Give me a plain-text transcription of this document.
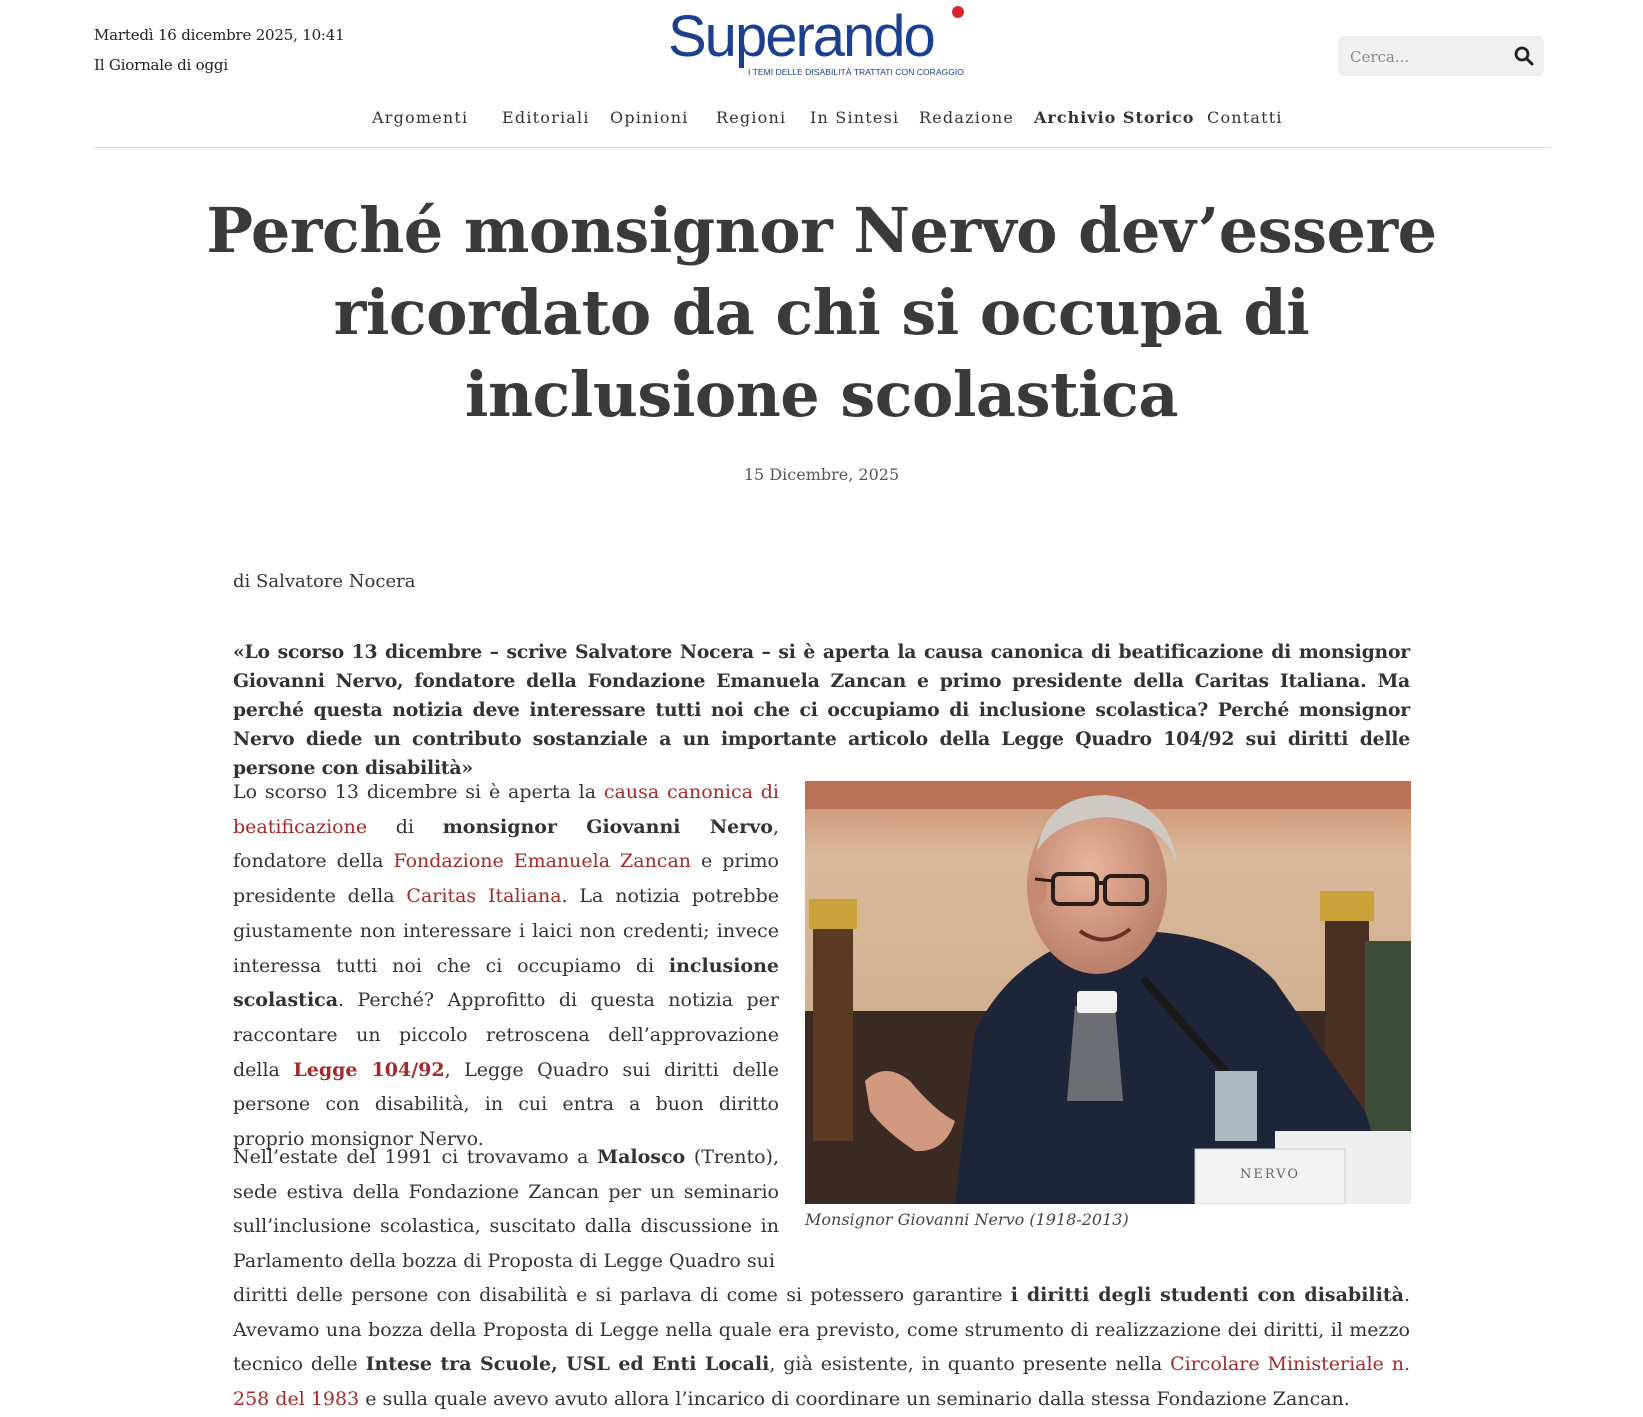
Martedì 16 dicembre 2025, 10:41
Il Giornale di oggi	Superando
I TEMI DELLE DISABILITÀ TRATTATI CON CORAGGIO
Cerca...
Argomenti Editoriali Opinioni Regioni In Sintesi Redazione Archivio Storico Contatti
Perché monsignor Nervo dev’essere ricordato da chi si occupa di inclusione scolastica
15 Dicembre, 2025
di Salvatore Nocera

«Lo scorso 13 dicembre – scrive Salvatore Nocera – si è aperta la causa canonica di beatificazione di monsignor Giovanni Nervo, fondatore della Fondazione Emanuela Zancan e primo presidente della Caritas Italiana. Ma perché questa notizia deve interessare tutti noi che ci occupiamo di inclusione scolastica? Perché monsignor Nervo diede un contributo sostanziale a un importante articolo della Legge Quadro 104/92 sui diritti delle persone con disabilità»

Lo scorso 13 dicembre si è aperta la causa canonica di beatificazione di monsignor Giovanni Nervo, fondatore della Fondazione Emanuela Zancan e primo presidente della Caritas Italiana. La notizia potrebbe giustamente non interessare i laici non credenti; invece interessa tutti noi che ci occupiamo di inclusione scolastica. Perché? Approfitto di questa notizia per raccontare un piccolo retroscena dell’approvazione della Legge 104/92, Legge Quadro sui diritti delle persone con disabilità, in cui entra a buon diritto proprio monsignor Nervo.

Nell’estate del 1991 ci trovavamo a Malosco (Trento), sede estiva della Fondazione Zancan per un seminario sull’inclusione scolastica, suscitato dalla discussione in Parlamento della bozza di Proposta di Legge Quadro sui

diritti delle persone con disabilità e si parlava di come si potessero garantire i diritti degli studenti con disabilità. Avevamo una bozza della Proposta di Legge nella quale era previsto, come strumento di realizzazione dei diritti, il mezzo tecnico delle Intese tra Scuole, USL ed Enti Locali, già esistente, in quanto presente nella Circolare Ministeriale n. 258 del 1983 e sulla quale avevo avuto allora l’incarico di coordinare un seminario dalla stessa Fondazione Zancan.

NERVO
Monsignor Giovanni Nervo (1918-2013)
